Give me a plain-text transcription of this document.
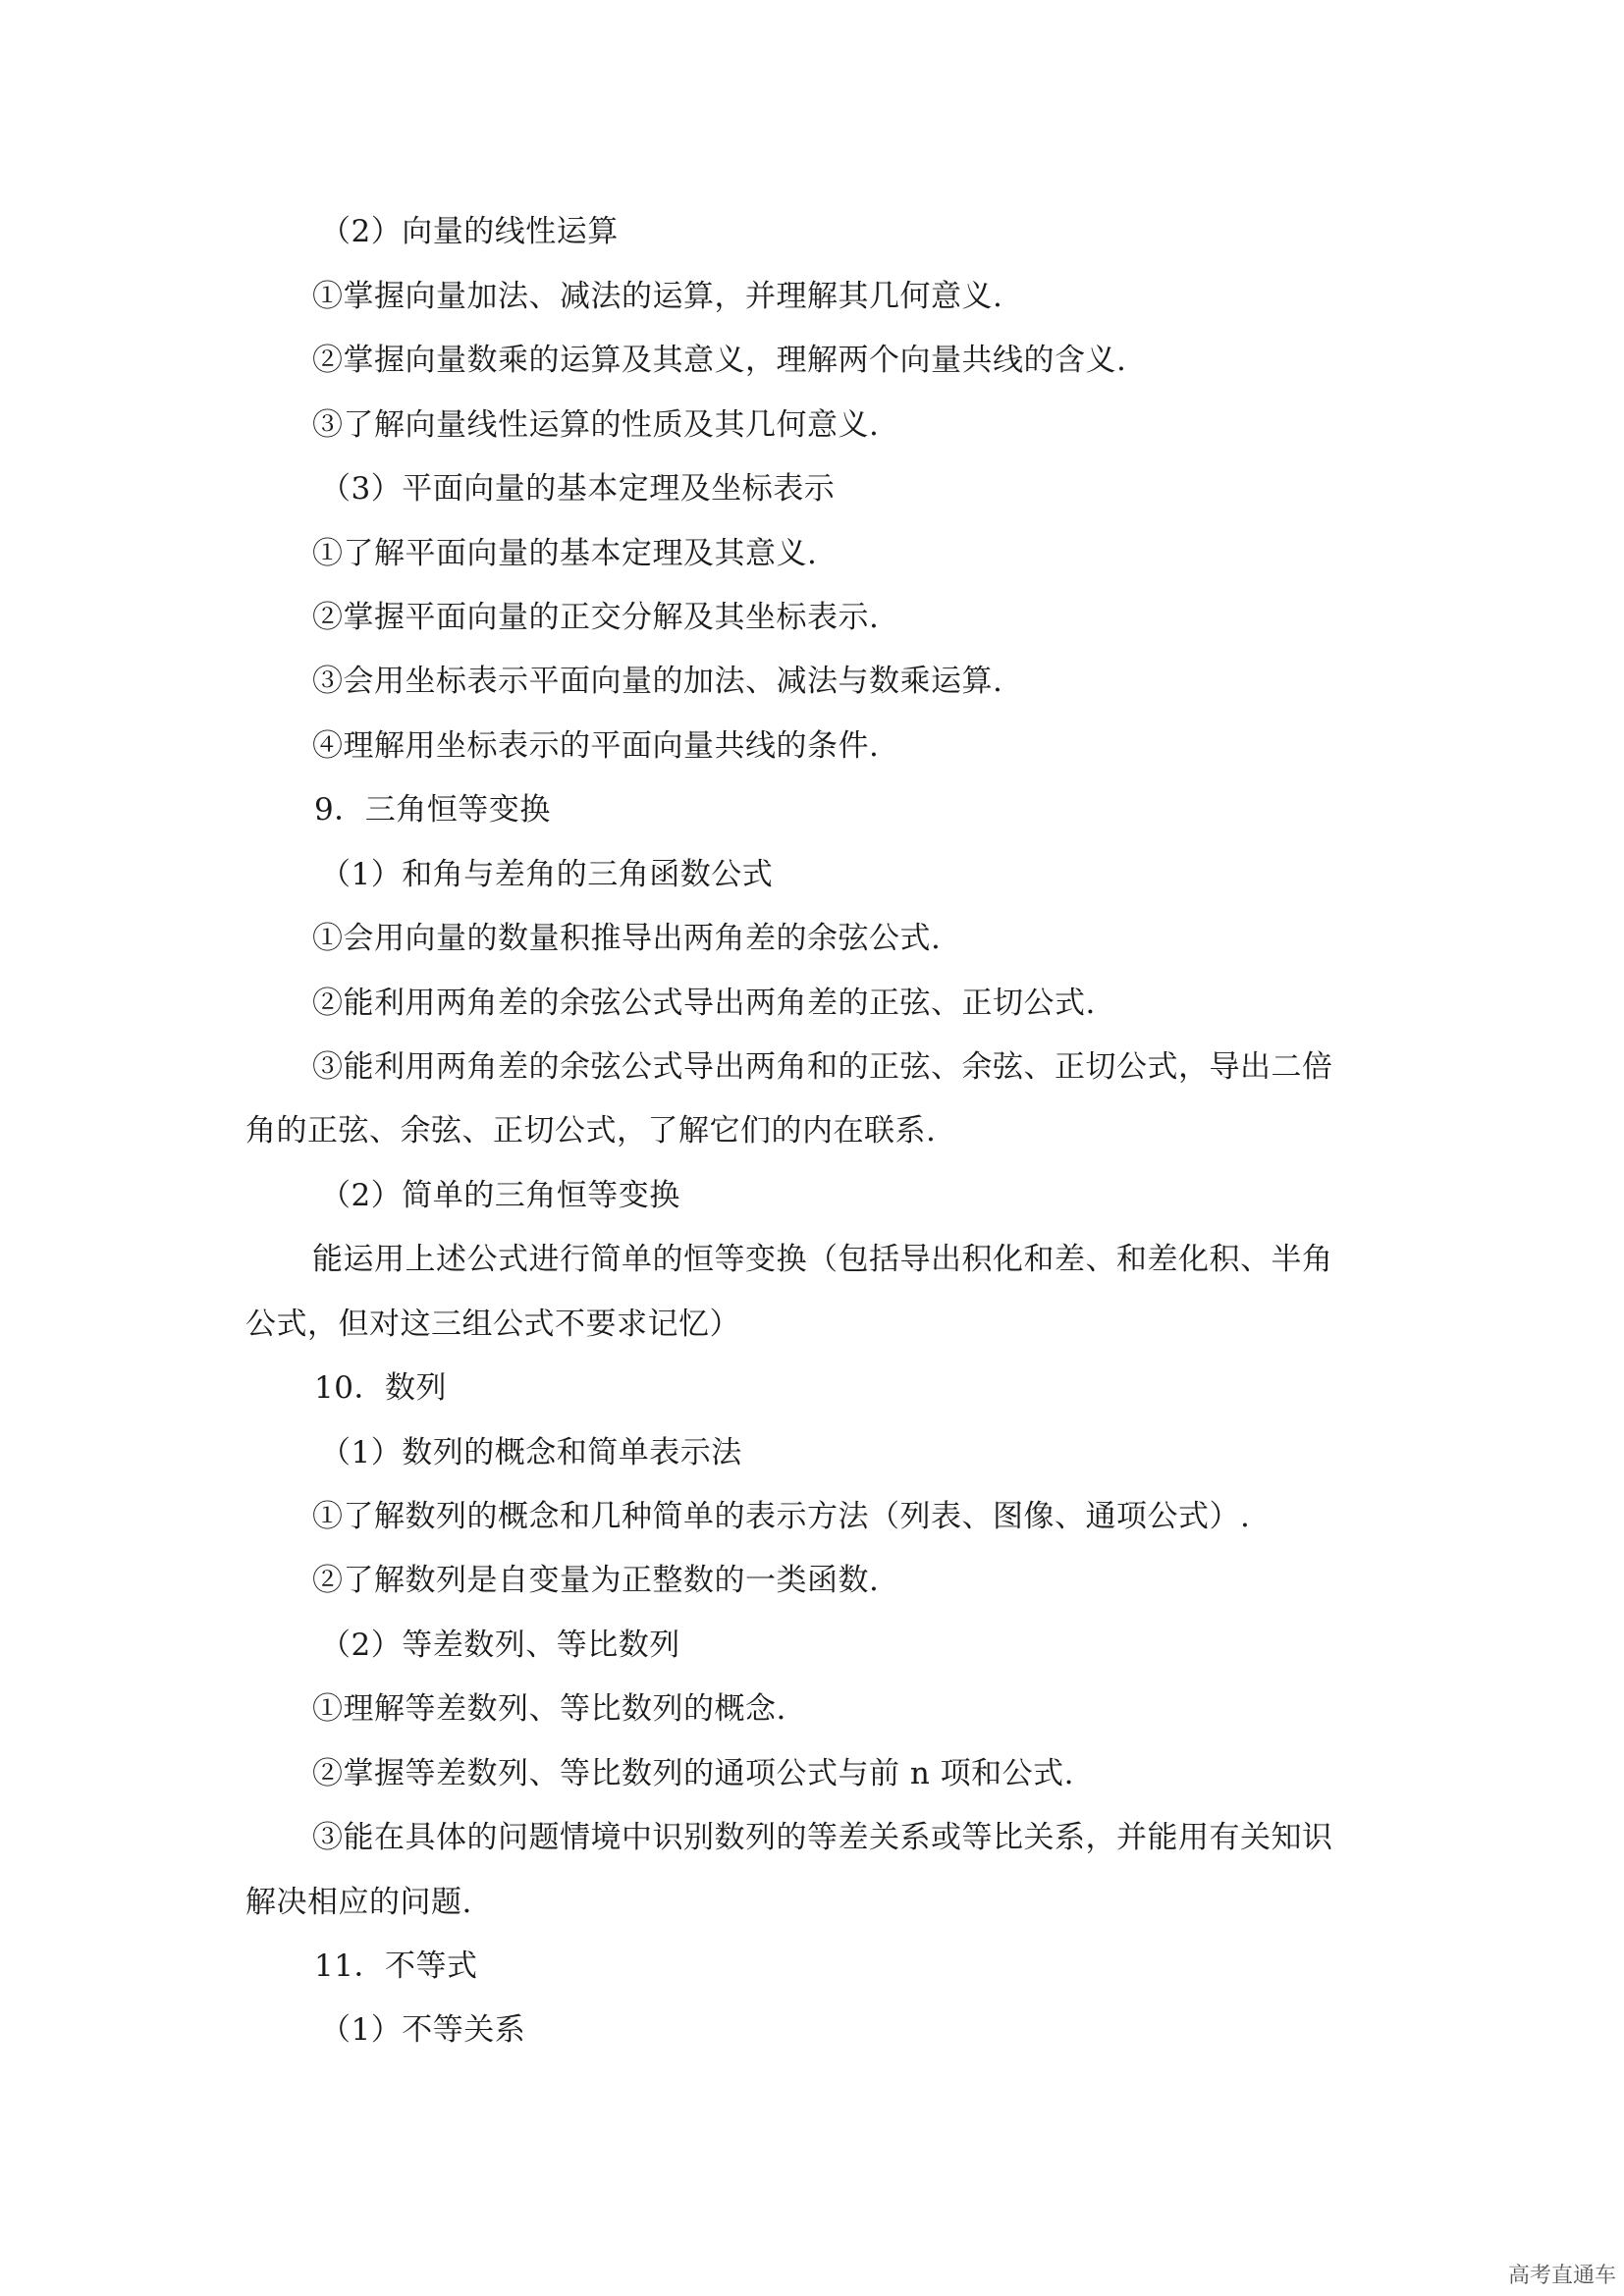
（2）向量的线性运算
①掌握向量加法、减法的运算，并理解其几何意义.
②掌握向量数乘的运算及其意义，理解两个向量共线的含义.
③了解向量线性运算的性质及其几何意义.
（3）平面向量的基本定理及坐标表示
①了解平面向量的基本定理及其意义.
②掌握平面向量的正交分解及其坐标表示.
③会用坐标表示平面向量的加法、减法与数乘运算.
④理解用坐标表示的平面向量共线的条件.
9．三角恒等变换
（1）和角与差角的三角函数公式
①会用向量的数量积推导出两角差的余弦公式.
②能利用两角差的余弦公式导出两角差的正弦、正切公式.
③能利用两角差的余弦公式导出两角和的正弦、余弦、正切公式，导出二倍
角的正弦、余弦、正切公式，了解它们的内在联系.
（2）简单的三角恒等变换
能运用上述公式进行简单的恒等变换（包括导出积化和差、和差化积、半角
公式，但对这三组公式不要求记忆）
10．数列
（1）数列的概念和简单表示法
①了解数列的概念和几种简单的表示方法（列表、图像、通项公式）.
②了解数列是自变量为正整数的一类函数.
（2）等差数列、等比数列
①理解等差数列、等比数列的概念.
②掌握等差数列、等比数列的通项公式与前 n 项和公式.
③能在具体的问题情境中识别数列的等差关系或等比关系，并能用有关知识
解决相应的问题.
11．不等式
（1）不等关系
高考直通车
